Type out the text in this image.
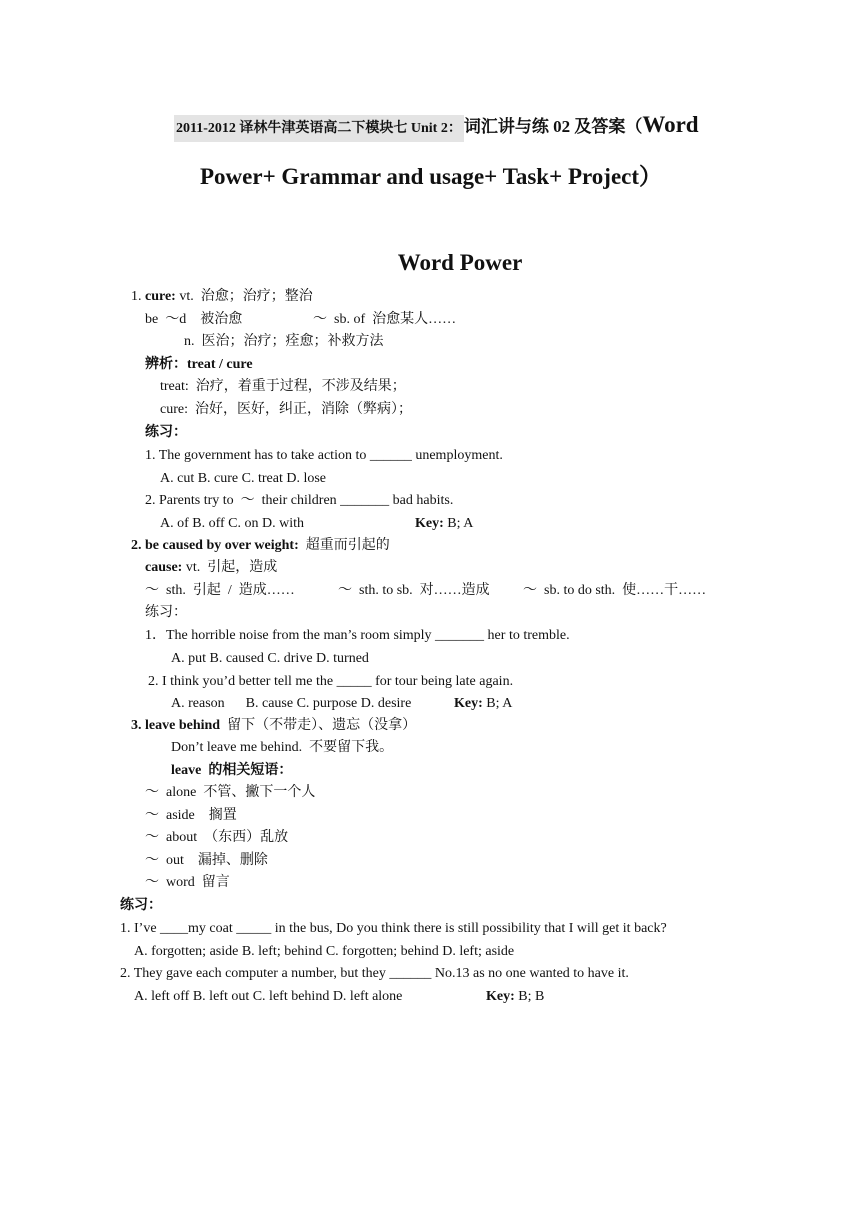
2011-2012 译林牛津英语高二下模块七 Unit 2： 词汇讲与练 02 及答案（Word
Power+ Grammar and usage+ Task+ Project）
Word Power
1. cure: vt.  治愈；治疗；整治
be  ～d    被治愈	～  sb. of  治愈某人……
n.  医治；治疗；痊愈；补救方法
辨析：treat / cure
treat:  治疗，着重于过程，不涉及结果；
cure:  治好，医好，纠正，消除（弊病）；
练习：
1. The government has to take action to ______ unemployment.
A. cut B. cure C. treat D. lose
2. Parents try to  ～  their children _______ bad habits.
A. of B. off C. on D. with	Key: B; A
2. be caused by over weight:  超重而引起的
cause: vt.  引起，造成
～  sth.  引起  /  造成……	～  sth. to sb.  对……造成 ～  sb. to do sth.  使……干……
练习：
1．The horrible noise from the man’s room simply _______ her to tremble.
A. put B. caused C. drive D. turned
2. I think you’d better tell me the _____ for tour being late again.
A. reason      B. cause C. purpose D. desire	Key: B; A
3. leave behind  留下（不带走）、遗忘（没拿）
Don’t leave me behind.  不要留下我。
leave  的相关短语：
～  alone  不管、撇下一个人
～  aside    搁置
～  about  （东西）乱放
～  out    漏掉、删除
～  word  留言
练习：
1. I’ve ____my coat _____ in the bus, Do you think there is still possibility that I will get it back?
A. forgotten; aside B. left; behind C. forgotten; behind D. left; aside
2. They gave each computer a number, but they ______ No.13 as no one wanted to have it.
A. left off B. left out C. left behind D. left alone	Key: B; B
